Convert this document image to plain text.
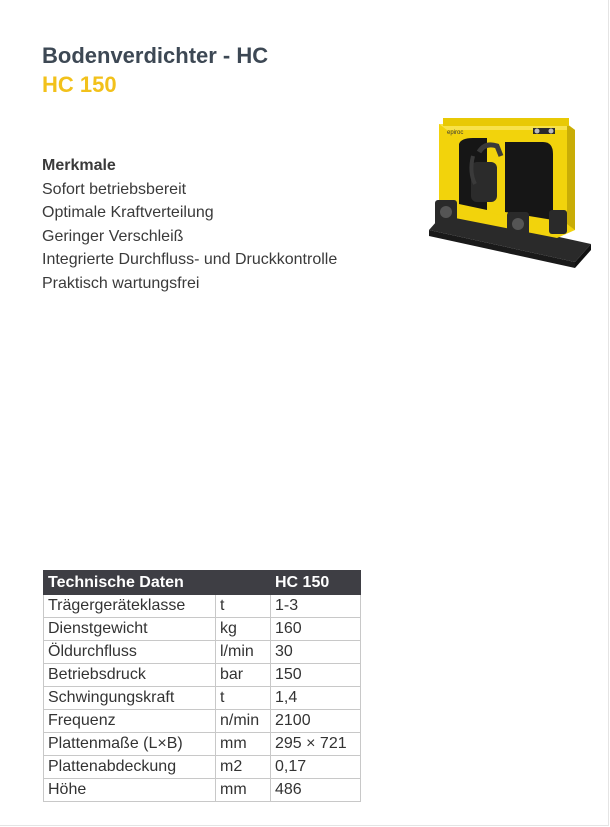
Bodenverdichter - HC
HC 150
Merkmale
Sofort betriebsbereit
Optimale Kraftverteilung
Geringer Verschleiß
Integrierte Durchfluss- und Druckkontrolle
Praktisch wartungsfrei
epiroc
Technische Daten		HC 150
Trägergeräteklasse	t	1-3
Dienstgewicht	kg	160
Öldurchfluss	l/min	30
Betriebsdruck	bar	150
Schwingungskraft	t	1,4
Frequenz	n/min	2100
Plattenmaße (L×B)	mm	295 × 721
Plattenabdeckung	m2	0,17
Höhe	mm	486
